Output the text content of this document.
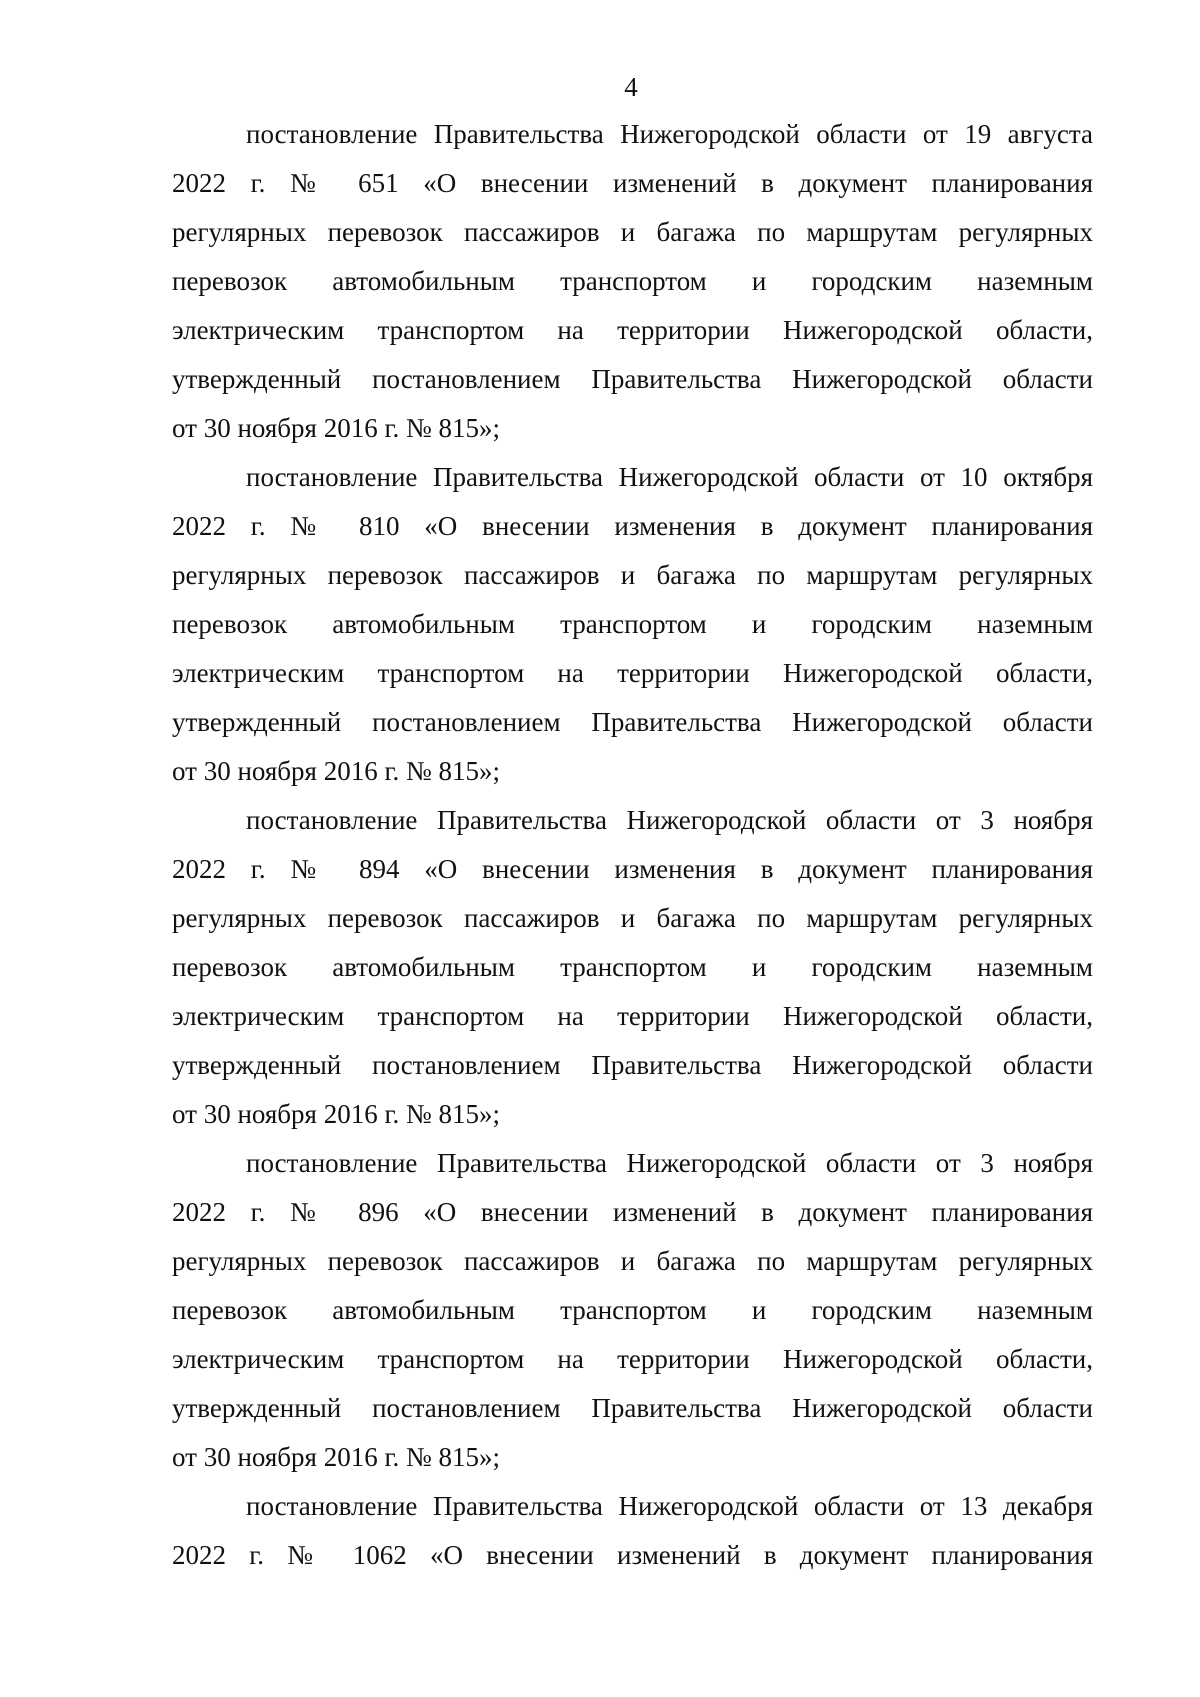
4
постановление Правительства Нижегородской области от 19 августа
2022 г. № 651 «О внесении изменений в документ планирования
регулярных перевозок пассажиров и багажа по маршрутам регулярных
перевозок автомобильным транспортом и городским наземным
электрическим транспортом на территории Нижегородской области,
утвержденный постановлением Правительства Нижегородской области
от 30 ноября 2016 г. № 815»;
постановление Правительства Нижегородской области от 10 октября
2022 г. № 810 «О внесении изменения в документ планирования
регулярных перевозок пассажиров и багажа по маршрутам регулярных
перевозок автомобильным транспортом и городским наземным
электрическим транспортом на территории Нижегородской области,
утвержденный постановлением Правительства Нижегородской области
от 30 ноября 2016 г. № 815»;
постановление Правительства Нижегородской области от 3 ноября
2022 г. № 894 «О внесении изменения в документ планирования
регулярных перевозок пассажиров и багажа по маршрутам регулярных
перевозок автомобильным транспортом и городским наземным
электрическим транспортом на территории Нижегородской области,
утвержденный постановлением Правительства Нижегородской области
от 30 ноября 2016 г. № 815»;
постановление Правительства Нижегородской области от 3 ноября
2022 г. № 896 «О внесении изменений в документ планирования
регулярных перевозок пассажиров и багажа по маршрутам регулярных
перевозок автомобильным транспортом и городским наземным
электрическим транспортом на территории Нижегородской области,
утвержденный постановлением Правительства Нижегородской области
от 30 ноября 2016 г. № 815»;
постановление Правительства Нижегородской области от 13 декабря
2022 г. № 1062 «О внесении изменений в документ планирования
